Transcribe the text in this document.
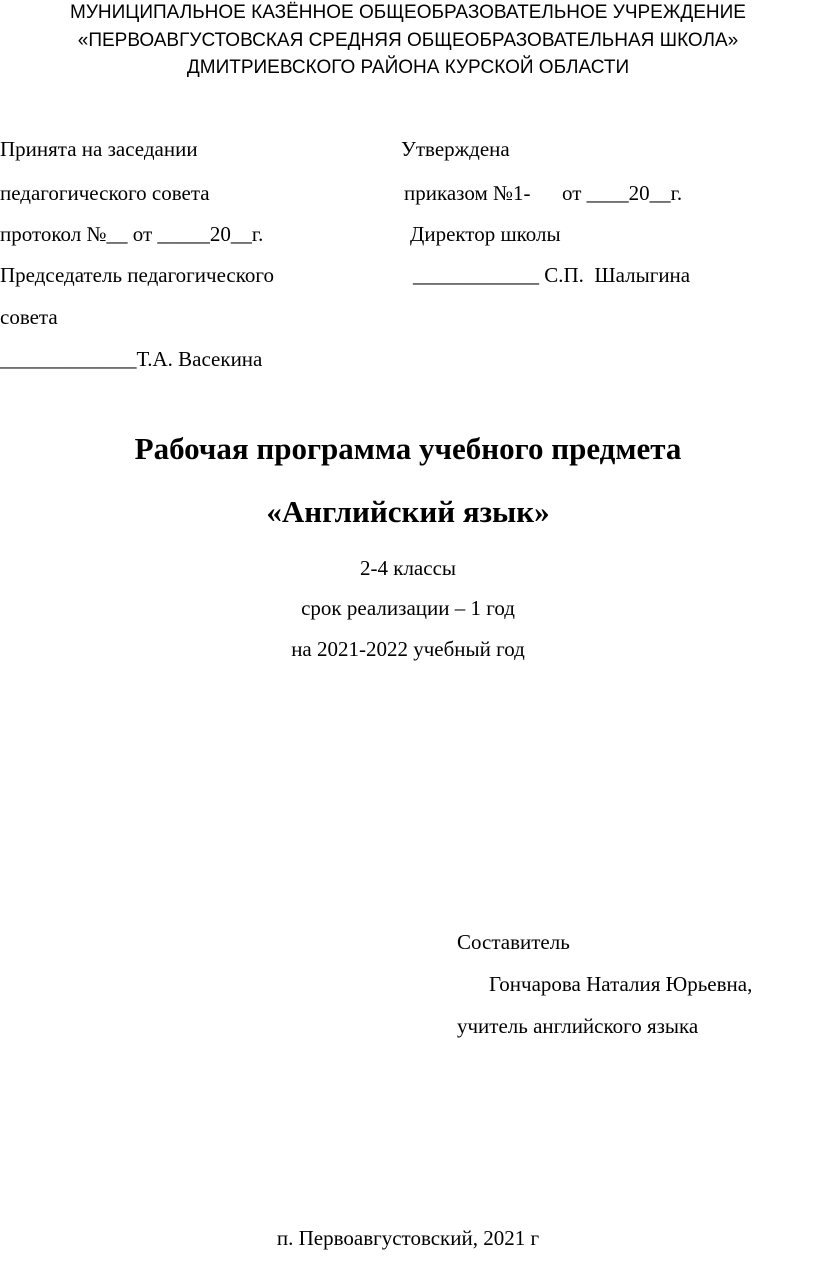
МУНИЦИПАЛЬНОЕ КАЗЁННОЕ ОБЩЕОБРАЗОВАТЕЛЬНОЕ УЧРЕЖДЕНИЕ
«ПЕРВОАВГУСТОВСКАЯ СРЕДНЯЯ ОБЩЕОБРАЗОВАТЕЛЬНАЯ ШКОЛА»
ДМИТРИЕВСКОГО РАЙОНА КУРСКОЙ ОБЛАСТИ
Принята на заседании
педагогического совета
протокол №__ от _____20__г.
Председатель педагогического
совета
_____________Т.А. Васекина
Утверждена
приказом №1-      от ____20__г.
Директор школы
____________ С.П.  Шалыгина
Рабочая программа учебного предмета
«Английский язык»
2-4 классы
срок реализации – 1 год
на 2021-2022 учебный год
Составитель
Гончарова Наталия Юрьевна,
учитель английского языка
п. Первоавгустовский, 2021 г
